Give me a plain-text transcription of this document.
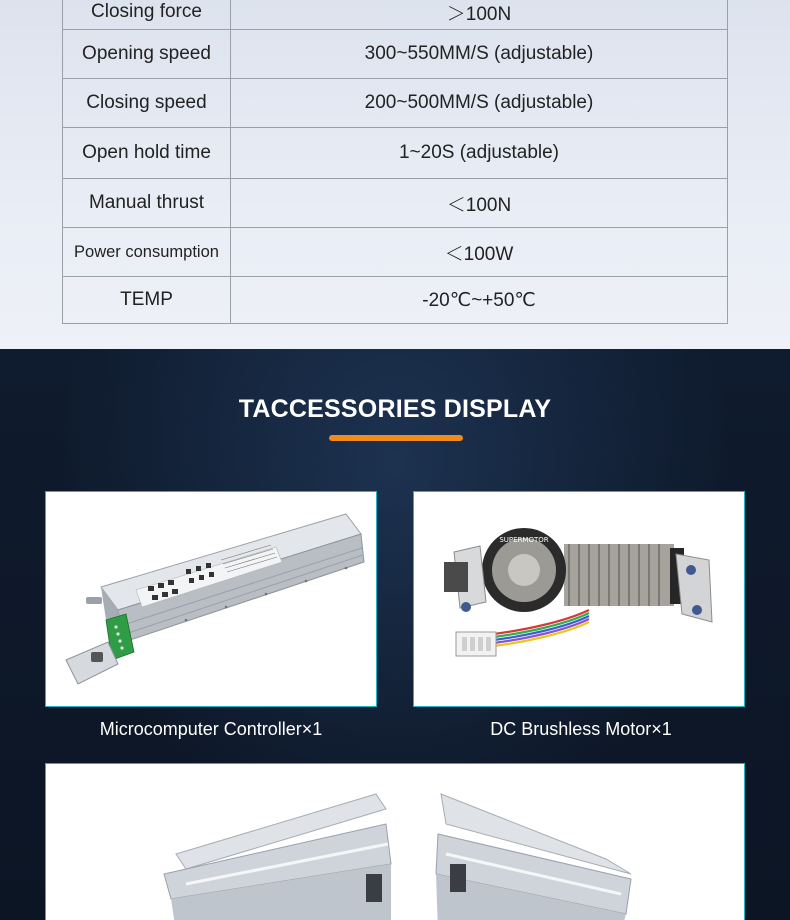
Closing force	＞100N
Opening speed	300~550MM/S (adjustable)
Closing speed	200~500MM/S (adjustable)
Open hold time	1~20S (adjustable)
Manual thrust	＜100N
Power consumption	＜100W
TEMP	-20℃~+50℃
TACCESSORIES DISPLAY
Microcomputer Controller×1
SUPERMOTOR
DC Brushless Motor×1
